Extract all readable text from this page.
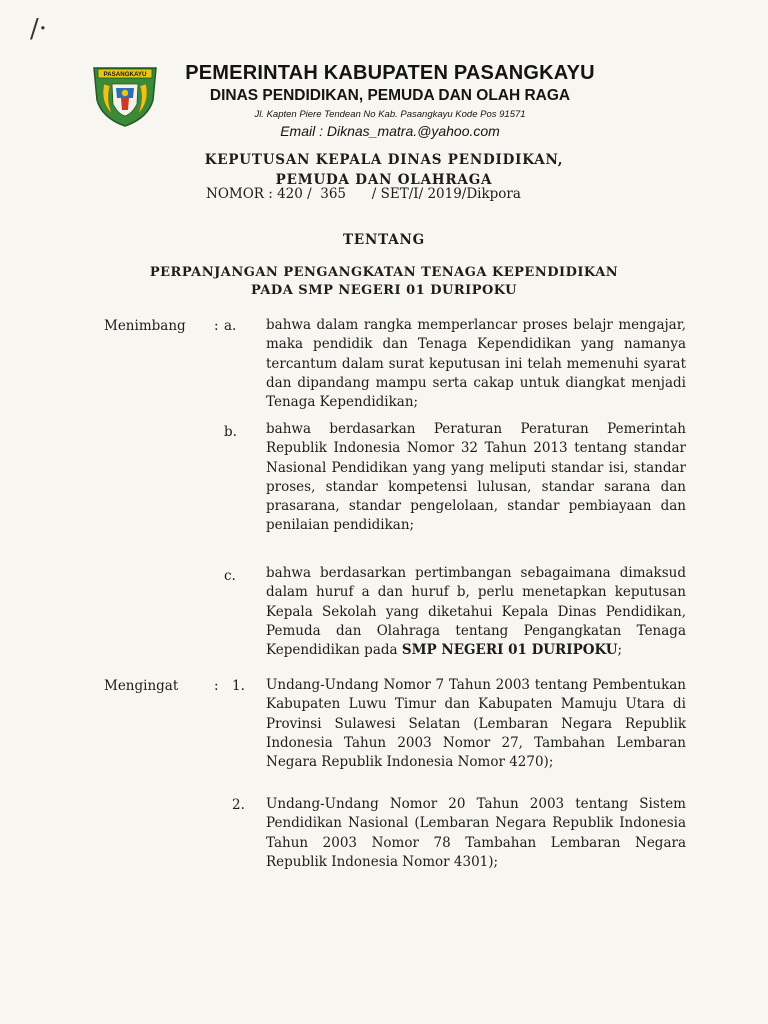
/·
PASANGKAYU	PEMERINTAH KABUPATEN PASANGKAYU
DINAS PENDIDIKAN, PEMUDA DAN OLAH RAGA
Jl. Kapten Piere Tendean No Kab. Pasangkayu Kode Pos 91571
Email : Diknas_matra.@yahoo.com
KEPUTUSAN KEPALA DINAS PENDIDIKAN,
PEMUDA DAN OLAHRAGA
NOMOR : 420 /  365      / SET/I/ 2019/Dikpora
TENTANG
PERPANJANGAN PENGANGKATAN TENAGA KEPENDIDIKAN
PADA SMP NEGERI 01 DURIPOKU
Menimbang : a. bahwa dalam rangka memperlancar proses belajr mengajar, maka pendidik dan Tenaga Kependidikan yang namanya tercantum dalam surat keputusan ini telah memenuhi syarat dan dipandang mampu serta cakap untuk diangkat menjadi Tenaga Kependidikan;
b. bahwa berdasarkan Peraturan Peraturan Pemerintah Republik Indonesia Nomor 32 Tahun 2013 tentang standar Nasional Pendidikan yang yang meliputi standar isi, standar proses, standar kompetensi lulusan, standar sarana dan prasarana, standar pengelolaan, standar pembiayaan dan penilaian pendidikan;
c. bahwa berdasarkan pertimbangan sebagaimana dimaksud dalam huruf a dan huruf b, perlu menetapkan keputusan Kepala Sekolah yang diketahui Kepala Dinas Pendidikan, Pemuda dan Olahraga tentang Pengangkatan Tenaga Kependidikan pada SMP NEGERI 01 DURIPOKU;
Mengingat	: 1. Undang-Undang Nomor 7 Tahun 2003 tentang Pembentukan Kabupaten Luwu Timur dan Kabupaten Mamuju Utara di Provinsi Sulawesi Selatan (Lembaran Negara Republik Indonesia Tahun 2003 Nomor 27, Tambahan Lembaran Negara Republik Indonesia Nomor 4270);
2. Undang-Undang Nomor 20 Tahun 2003 tentang Sistem Pendidikan Nasional (Lembaran Negara Republik Indonesia Tahun 2003 Nomor 78 Tambahan Lembaran Negara Republik Indonesia Nomor 4301);
